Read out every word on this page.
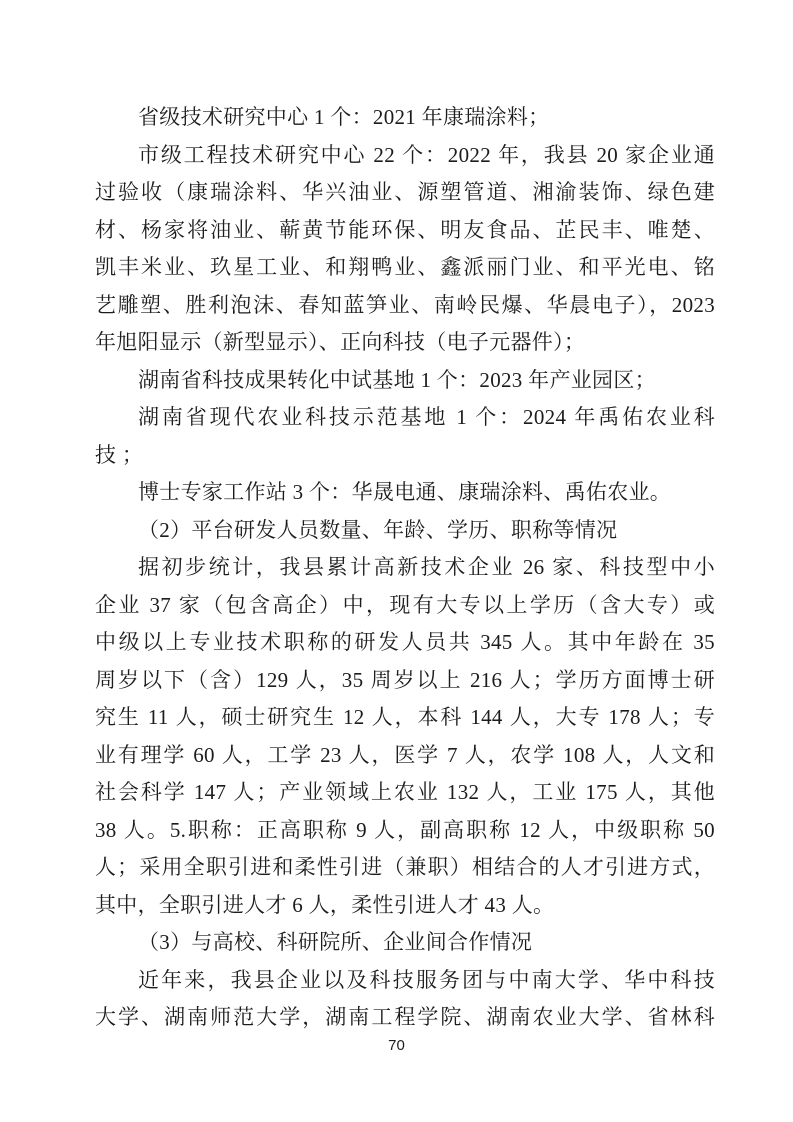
省级技术研究中心 1 个：2021 年康瑞涂料；
市级工程技术研究中心 22 个：2022 年，我县 20 家企业通
过验收（康瑞涂料、华兴油业、源塑管道、湘渝装饰、绿色建
材、杨家将油业、蕲黄节能环保、明友食品、芷民丰、唯楚、
凯丰米业、玖星工业、和翔鸭业、鑫派丽门业、和平光电、铭
艺雕塑、胜利泡沫、春知蓝笋业、南岭民爆、华晨电子），2023
年旭阳显示（新型显示）、正向科技（电子元器件）；
湖南省科技成果转化中试基地 1 个：2023 年产业园区；
湖南省现代农业科技示范基地 1 个：2024 年禹佑农业科
技 ；
博士专家工作站 3 个：华晟电通、康瑞涂料、禹佑农业。
（2）平台研发人员数量、年龄、学历、职称等情况
据初步统计，我县累计高新技术企业 26 家、科技型中小
企业 37 家（包含高企）中，现有大专以上学历（含大专）或
中级以上专业技术职称的研发人员共 345 人。其中年龄在 35
周岁以下（含）129 人，35 周岁以上 216 人；学历方面博士研
究生 11 人，硕士研究生 12 人，本科 144 人，大专 178 人；专
业有理学 60 人，工学 23 人，医学 7 人，农学 108 人，人文和
社会科学 147 人；产业领域上农业 132 人，工业 175 人，其他
38 人。5.职称：正高职称 9 人，副高职称 12 人，中级职称 50
人；采用全职引进和柔性引进（兼职）相结合的人才引进方式，
其中，全职引进人才 6 人，柔性引进人才 43 人。
（3）与高校、科研院所、企业间合作情况
近年来，我县企业以及科技服务团与中南大学、华中科技
大学、湖南师范大学，湖南工程学院、湖南农业大学、省林科
70
